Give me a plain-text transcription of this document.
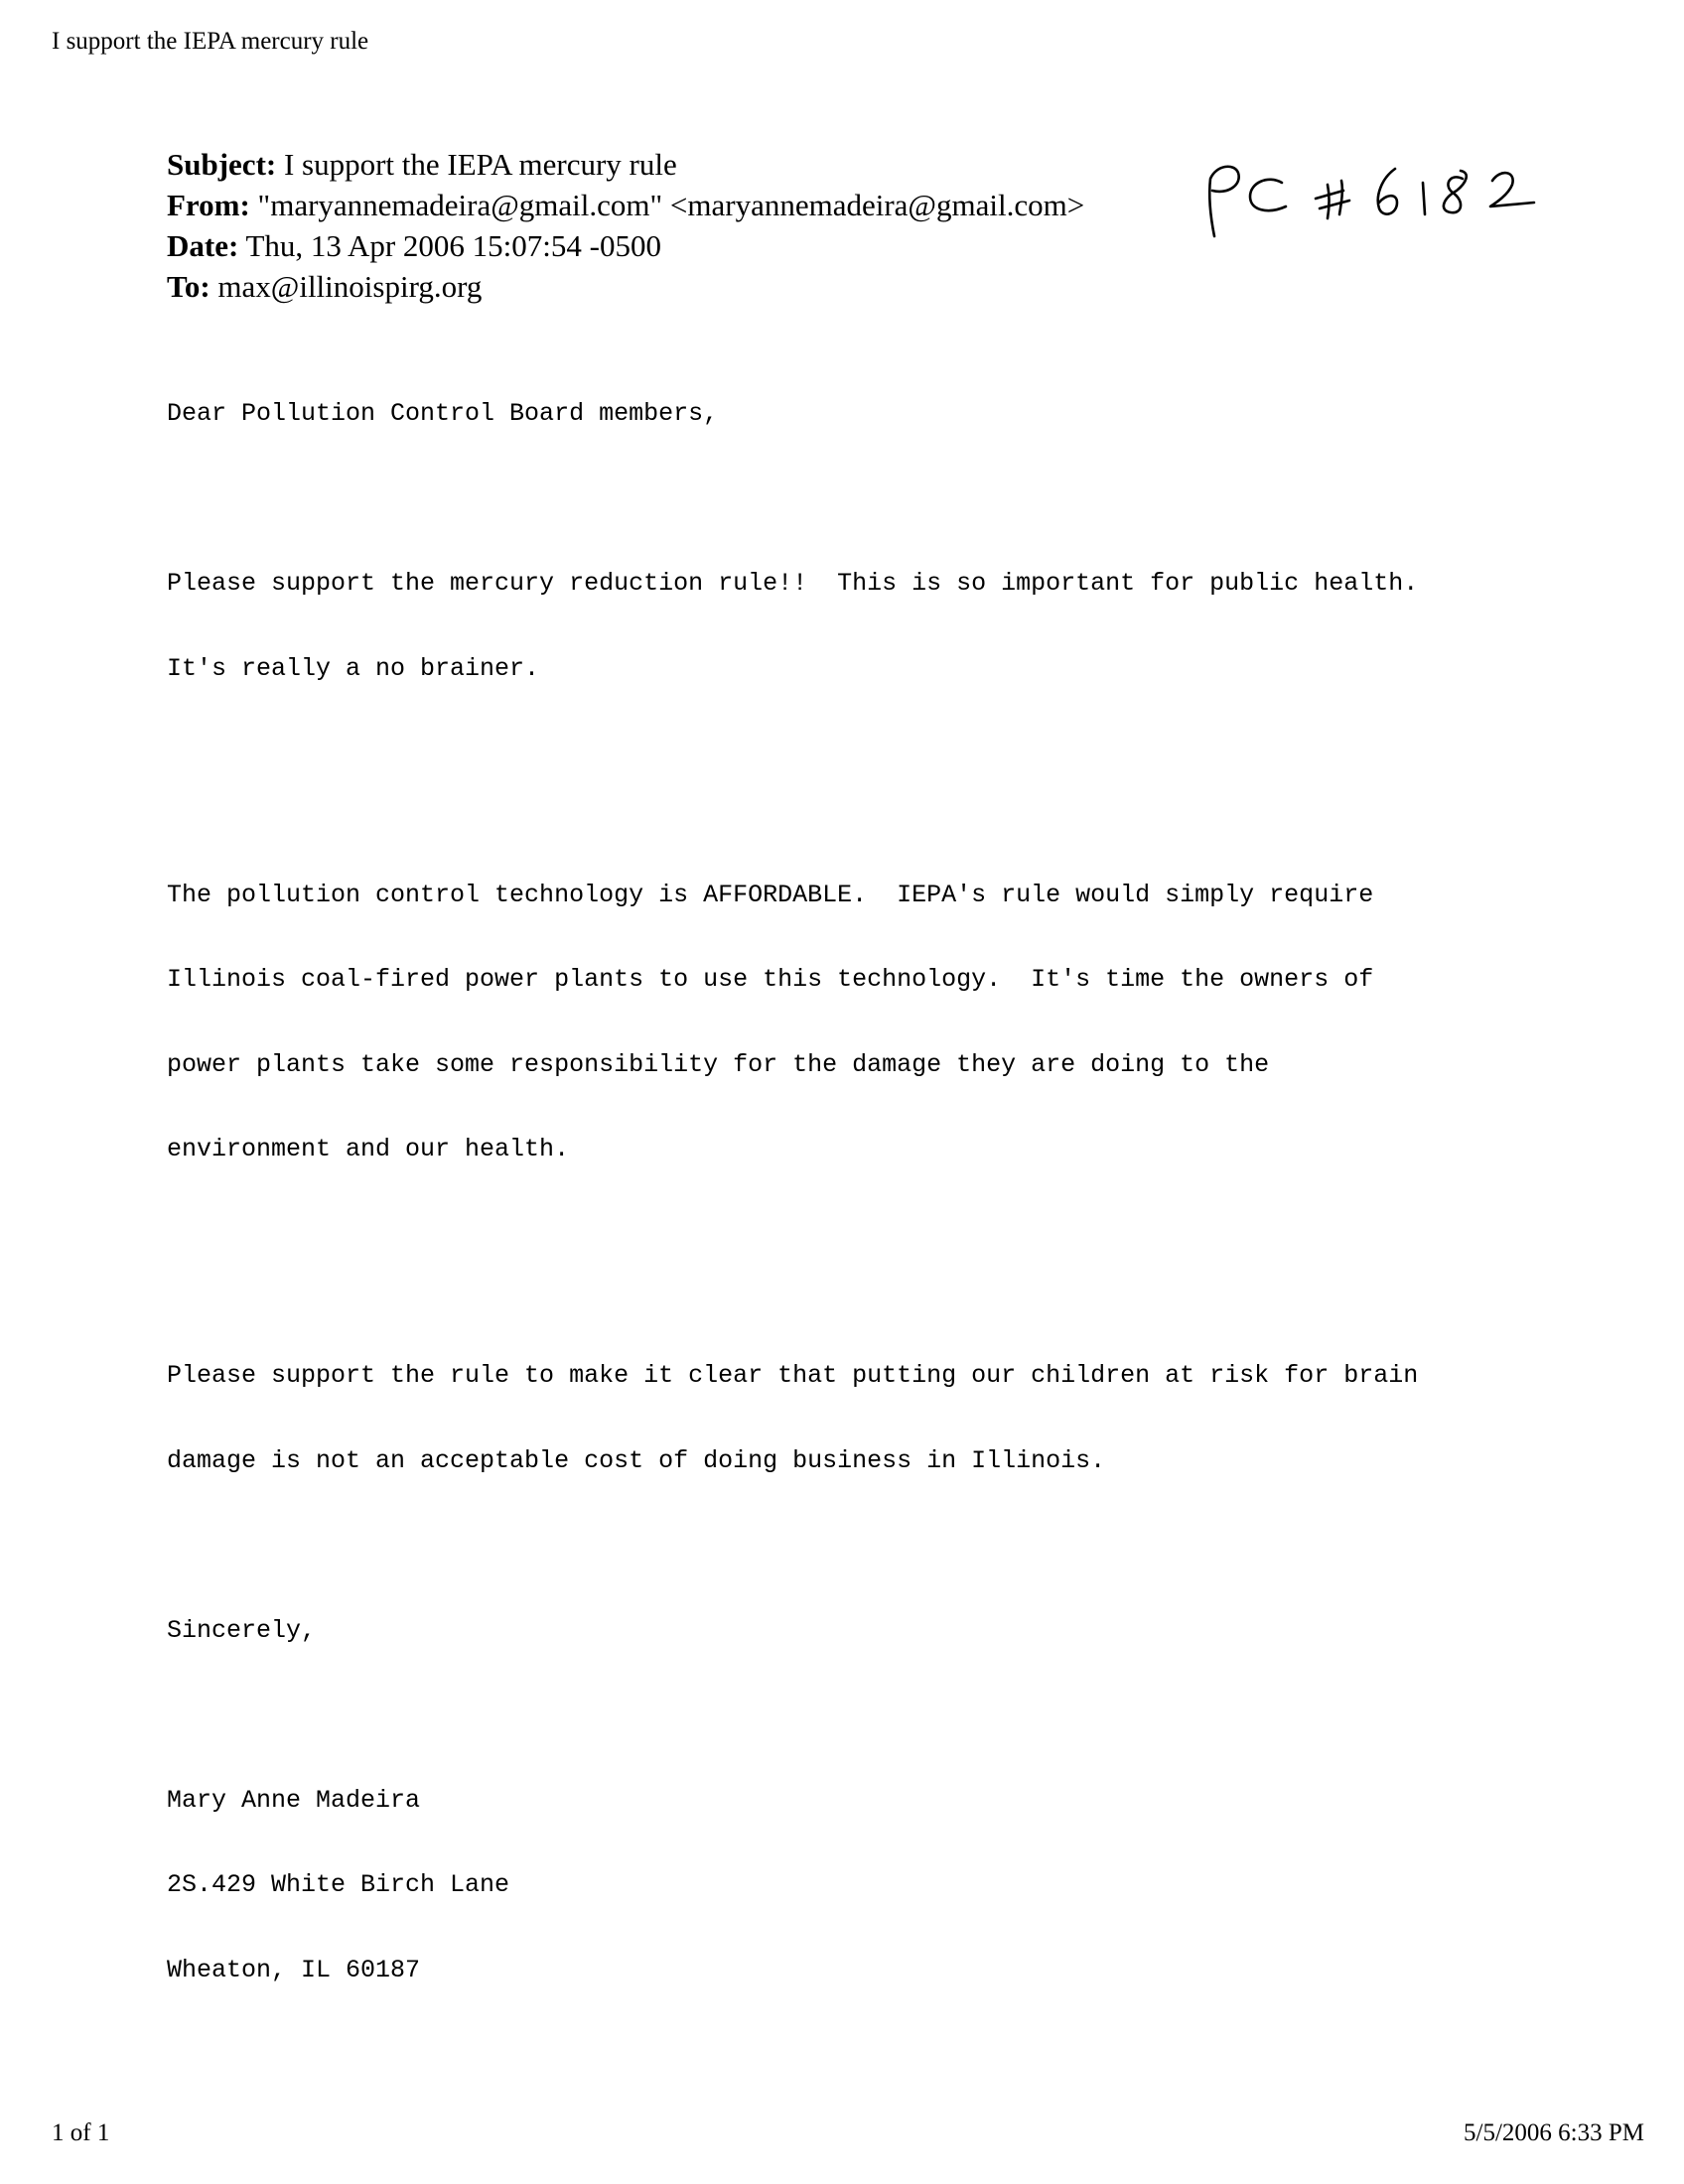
I support the IEPA mercury rule
Subject: I support the IEPA mercury rule
From: "maryannemadeira@gmail.com" <maryannemadeira@gmail.com>
Date: Thu, 13 Apr 2006 15:07:54 -0500
To: max@illinoispirg.org

Dear Pollution Control Board members,

Please support the mercury reduction rule!!  This is so important for public health.

It's really a no brainer.

The pollution control technology is AFFORDABLE.  IEPA's rule would simply require

Illinois coal-fired power plants to use this technology.  It's time the owners of

power plants take some responsibility for the damage they are doing to the

environment and our health.

Please support the rule to make it clear that putting our children at risk for brain

damage is not an acceptable cost of doing business in Illinois.

Sincerely,

Mary Anne Madeira

2S.429 White Birch Lane

Wheaton, IL 60187

1 of 1	5/5/2006 6:33 PM
